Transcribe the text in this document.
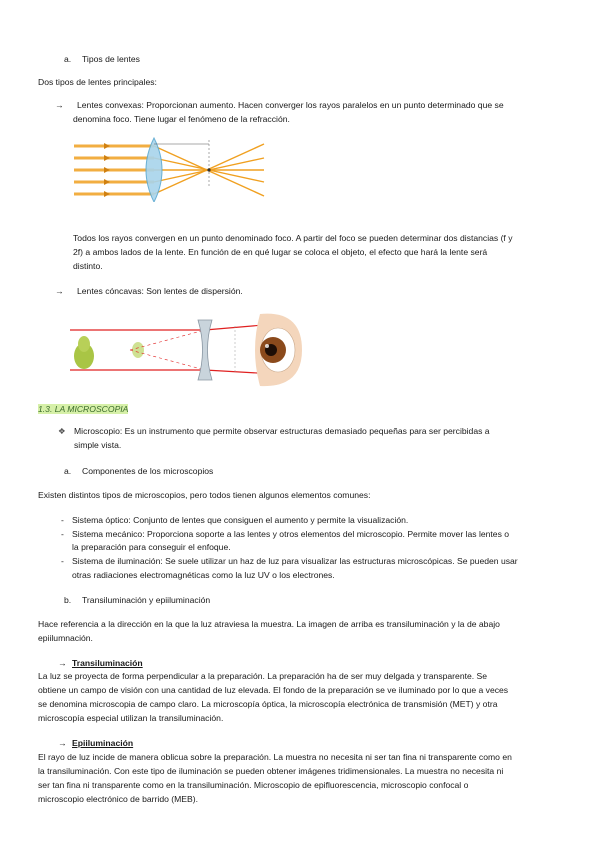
a. Tipos de lentes

Dos tipos de lentes principales:

→ Lentes convexas: Proporcionan aumento. Hacen converger los rayos paralelos en un punto determinado que se

denomina foco. Tiene lugar el fenómeno de la refracción.

Todos los rayos convergen en un punto denominado foco. A partir del foco se pueden determinar dos distancias (f y

2f) a ambos lados de la lente. En función de en qué lugar se coloca el objeto, el efecto que hará la lente será

distinto.

→ Lentes cóncavas: Son lentes de dispersión.

1.3. LA MICROSCOPIA

❖ Microscopio: Es un instrumento que permite observar estructuras demasiado pequeñas para ser percibidas a

simple vista.

a. Componentes de los microscopios

Existen distintos tipos de microscopios, pero todos tienen algunos elementos comunes:

- Sistema óptico: Conjunto de lentes que consiguen el aumento y permite la visualización.
- Sistema mecánico: Proporciona soporte a las lentes y otros elementos del microscopio. Permite mover las lentes o

la preparación para conseguir el enfoque.

- Sistema de iluminación: Se suele utilizar un haz de luz para visualizar las estructuras microscópicas. Se pueden usar

otras radiaciones electromagnéticas como la luz UV o los electrones.

b. Transiluminación y epiiluminación

Hace referencia a la dirección en la que la luz atraviesa la muestra. La imagen de arriba es transiluminación y la de abajo

epiilumnación.

→ Transiluminación

La luz se proyecta de forma perpendicular a la preparación. La preparación ha de ser muy delgada y transparente. Se

obtiene un campo de visión con una cantidad de luz elevada. El fondo de la preparación se ve iluminado por lo que a veces

se denomina microscopia de campo claro. La microscopía óptica, la microscopía electrónica de transmisión (MET) y otra

microscopía especial utilizan la transiluminación.

→ Epiiluminación

El rayo de luz incide de manera oblicua sobre la preparación. La muestra no necesita ni ser tan fina ni transparente como en

la transiluminación. Con este tipo de iluminación se pueden obtener imágenes tridimensionales. La muestra no necesita ni

ser tan fina ni transparente como en la transiluminación. Microscopio de epifluorescencia, microscopio confocal o

microscopio electrónico de barrido (MEB).
